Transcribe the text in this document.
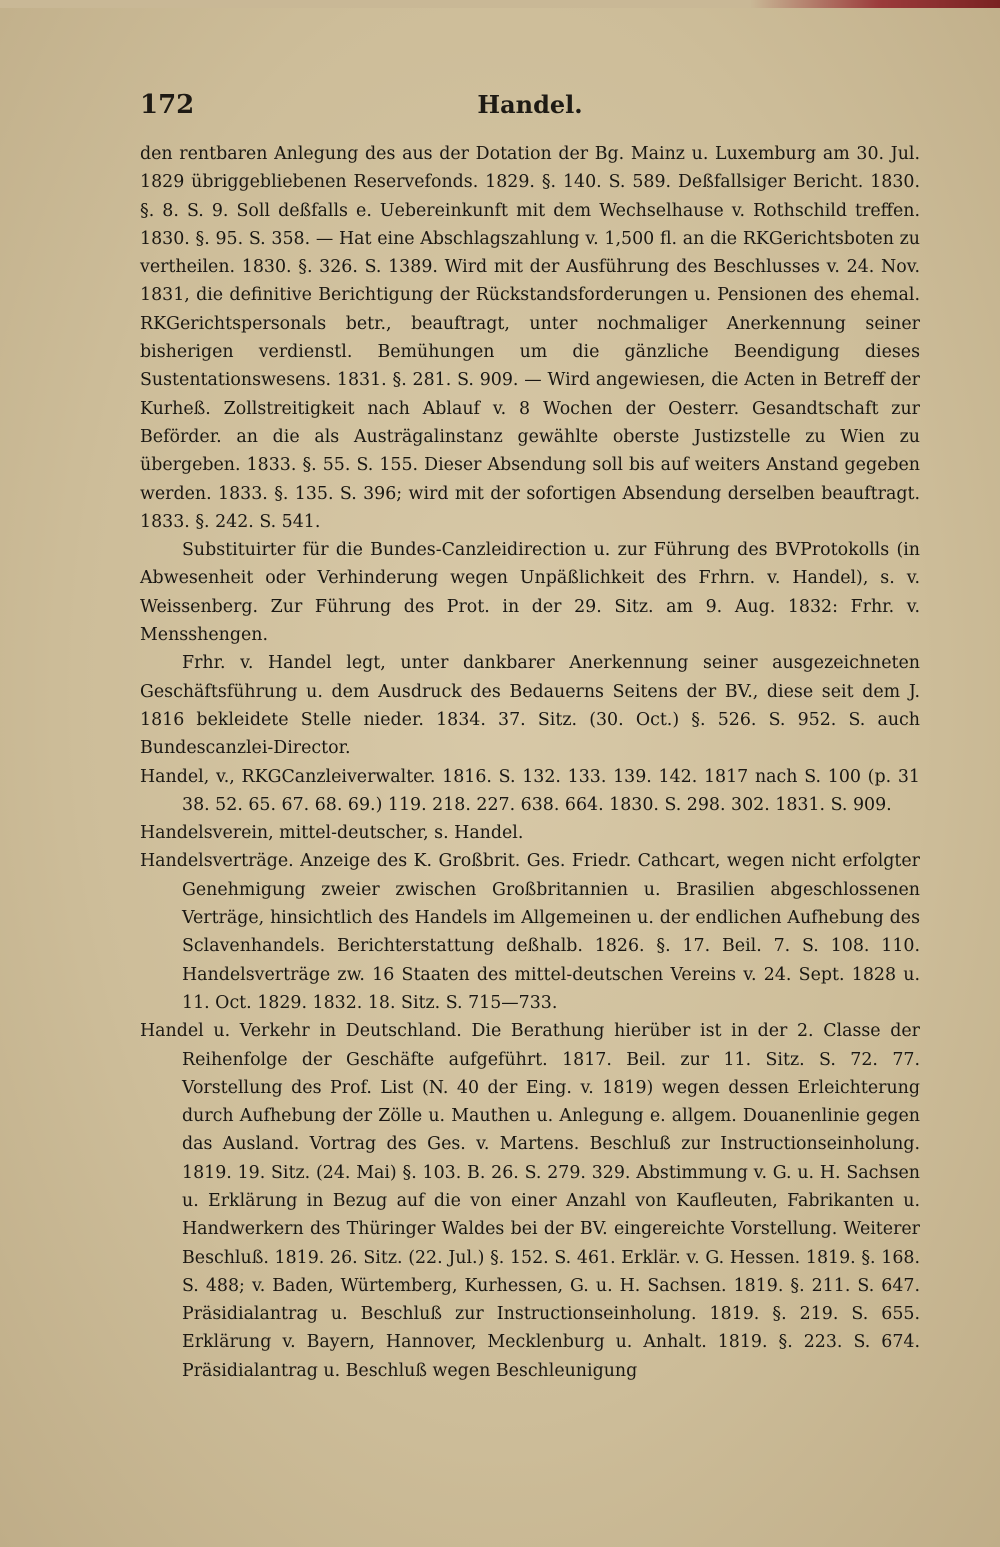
172	Handel.

den rentbaren Anlegung des aus der Dotation der Bg. Mainz u. Luxemburg am 30. Jul. 1829 übriggebliebenen Reservefonds. 1829. §. 140. S. 589. Deßfallsiger Bericht. 1830. §. 8. S. 9. Soll deßfalls e. Uebereinkunft mit dem Wechselhause v. Rothschild treffen. 1830. §. 95. S. 358. — Hat eine Abschlagszahlung v. 1,500 fl. an die RKGerichtsboten zu vertheilen. 1830. §. 326. S. 1389. Wird mit der Ausführung des Beschlusses v. 24. Nov. 1831, die definitive Berichtigung der Rückstandsforderungen u. Pensionen des ehemal. RKGerichtspersonals betr., beauftragt, unter nochmaliger Anerkennung seiner bisherigen verdienstl. Bemühungen um die gänzliche Beendigung dieses Sustentationswesens. 1831. §. 281. S. 909. — Wird angewiesen, die Acten in Betreff der Kurheß. Zollstreitigkeit nach Ablauf v. 8 Wochen der Oesterr. Gesandtschaft zur Beförder. an die als Austrägalinstanz gewählte oberste Justizstelle zu Wien zu übergeben. 1833. §. 55. S. 155. Dieser Absendung soll bis auf weiters Anstand gegeben werden. 1833. §. 135. S. 396; wird mit der sofortigen Absendung derselben beauftragt. 1833. §. 242. S. 541.

Substituirter für die Bundes-Canzleidirection u. zur Führung des BVProtokolls (in Abwesenheit oder Verhinderung wegen Unpäßlichkeit des Frhrn. v. Handel), s. v. Weissenberg. Zur Führung des Prot. in der 29. Sitz. am 9. Aug. 1832: Frhr. v. Mensshengen.

Frhr. v. Handel legt, unter dankbarer Anerkennung seiner ausgezeichneten Geschäftsführung u. dem Ausdruck des Bedauerns Seitens der BV., diese seit dem J. 1816 bekleidete Stelle nieder. 1834. 37. Sitz. (30. Oct.) §. 526. S. 952. S. auch Bundescanzlei-Director.

Handel, v., RKGCanzleiverwalter. 1816. S. 132. 133. 139. 142. 1817 nach S. 100 (p. 31 38. 52. 65. 67. 68. 69.) 119. 218. 227. 638. 664. 1830. S. 298. 302. 1831. S. 909.

Handelsverein, mittel-deutscher, s. Handel.

Handelsverträge. Anzeige des K. Großbrit. Ges. Friedr. Cathcart, wegen nicht erfolgter Genehmigung zweier zwischen Großbritannien u. Brasilien abgeschlossenen Verträge, hinsichtlich des Handels im Allgemeinen u. der endlichen Aufhebung des Sclavenhandels. Berichterstattung deßhalb. 1826. §. 17. Beil. 7. S. 108. 110. Handelsverträge zw. 16 Staaten des mittel-deutschen Vereins v. 24. Sept. 1828 u. 11. Oct. 1829. 1832. 18. Sitz. S. 715—733.

Handel u. Verkehr in Deutschland. Die Berathung hierüber ist in der 2. Classe der Reihenfolge der Geschäfte aufgeführt. 1817. Beil. zur 11. Sitz. S. 72. 77. Vorstellung des Prof. List (N. 40 der Eing. v. 1819) wegen dessen Erleichterung durch Aufhebung der Zölle u. Mauthen u. Anlegung e. allgem. Douanenlinie gegen das Ausland. Vortrag des Ges. v. Martens. Beschluß zur Instructionseinholung. 1819. 19. Sitz. (24. Mai) §. 103. B. 26. S. 279. 329. Abstimmung v. G. u. H. Sachsen u. Erklärung in Bezug auf die von einer Anzahl von Kaufleuten, Fabrikanten u. Handwerkern des Thüringer Waldes bei der BV. eingereichte Vorstellung. Weiterer Beschluß. 1819. 26. Sitz. (22. Jul.) §. 152. S. 461. Erklär. v. G. Hessen. 1819. §. 168. S. 488; v. Baden, Würtemberg, Kurhessen, G. u. H. Sachsen. 1819. §. 211. S. 647. Präsidialantrag u. Beschluß zur Instructionseinholung. 1819. §. 219. S. 655. Erklärung v. Bayern, Hannover, Mecklenburg u. Anhalt. 1819. §. 223. S. 674. Präsidialantrag u. Beschluß wegen Beschleunigung
